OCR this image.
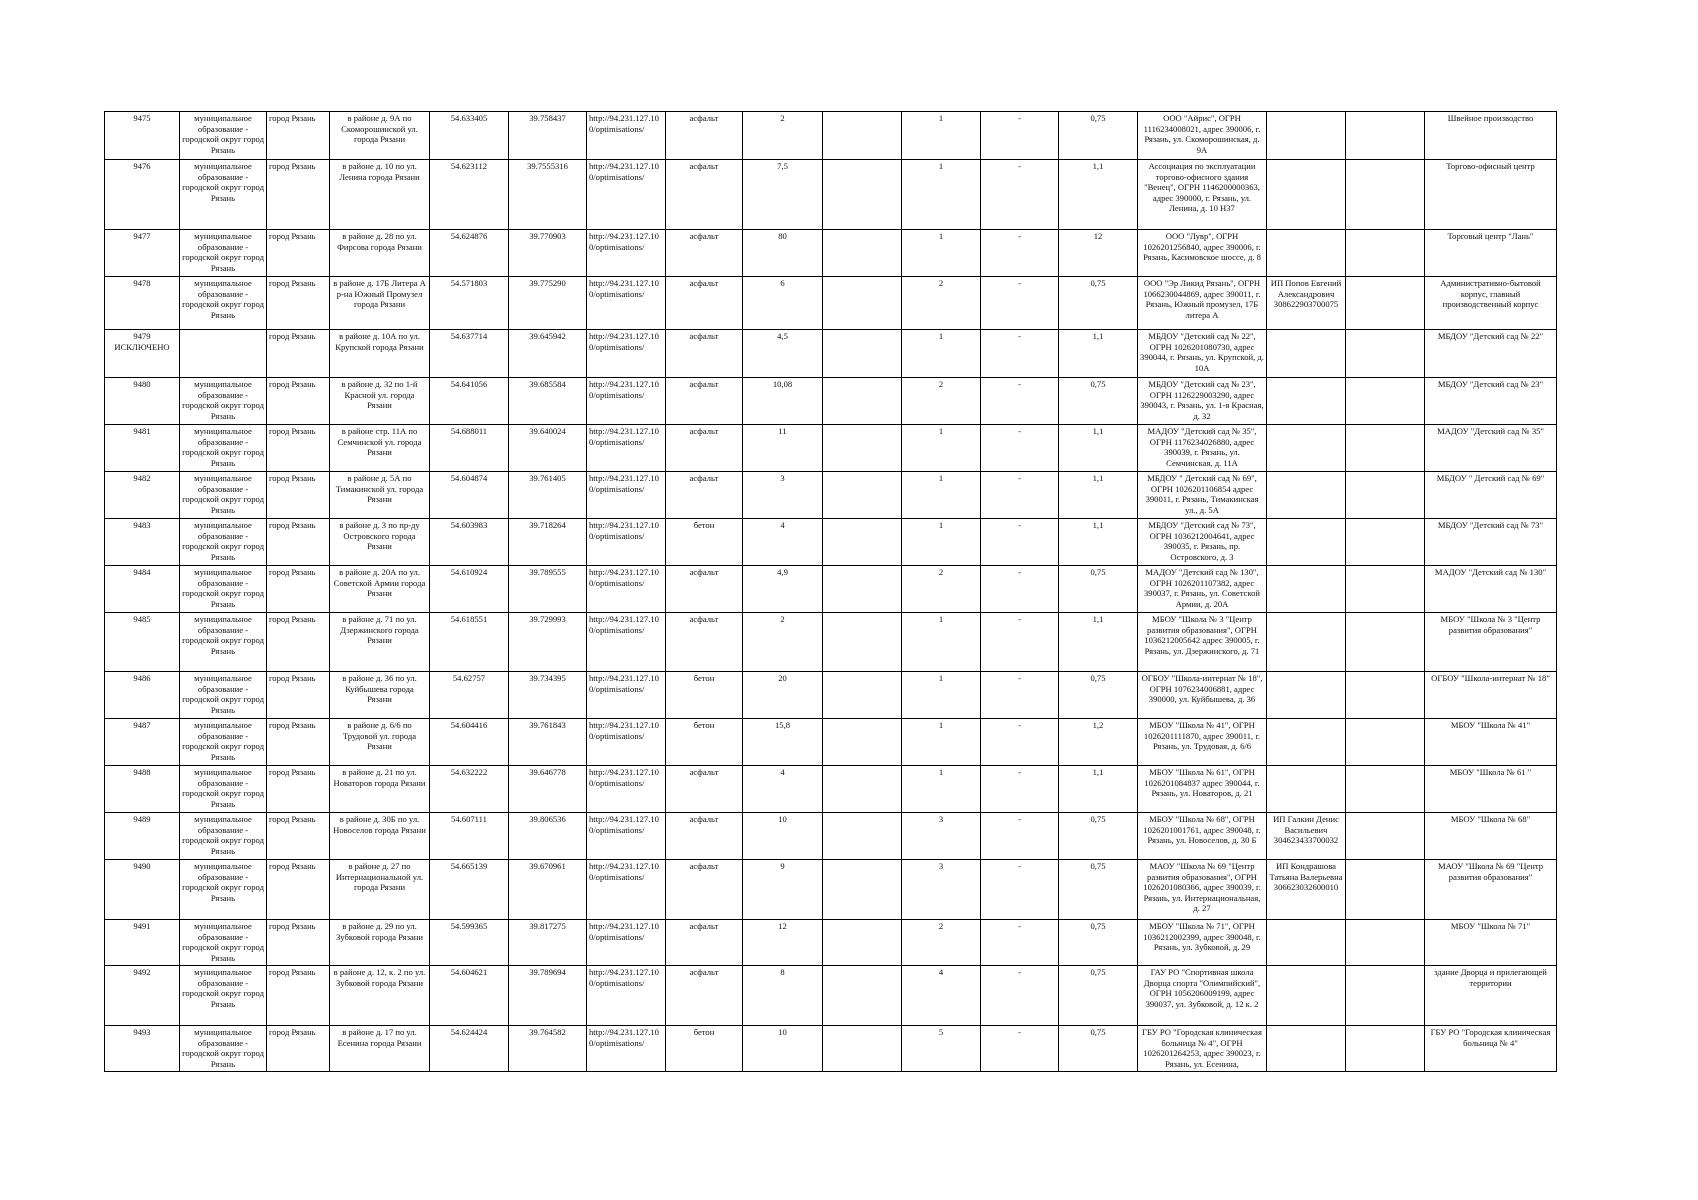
9475	муниципальное образование - городской округ город Рязань	город Рязань	в районе д. 9А по Скоморошинской ул. города Рязани	54.633405	39.758437	http://94.231.127.100/optimisations/	асфальт	2		1	-	0,75	ООО "Айрис", ОГРН 1116234008021, адрес 390006, г. Рязань, ул. Скоморошинская, д. 9А			Швейное производство
9476	муниципальное образование - городской округ город Рязань	город Рязань	в районе д. 10 по ул. Ленина города Рязани	54.623112	39.7555316	http://94.231.127.100/optimisations/	асфальт	7,5		1	-	1,1	Ассоциация по эксплуатации торгово-офисного здания "Венец", ОГРН 1146200000363, адрес 390000, г. Рязань, ул. Ленина, д. 10 Н37			Торгово-офисный центр
9477	муниципальное образование - городской округ город Рязань	город Рязань	в районе д. 28 по ул. Фирсова города Рязани	54.624876	39.770903	http://94.231.127.100/optimisations/	асфальт	80		1	-	12	ООО "Лувр", ОГРН 1026201256840, адрес 390006, г. Рязань, Касимовское шоссе, д. 8			Торговый центр "Лань"
9478	муниципальное образование - городской округ город Рязань	город Рязань	в районе д. 17Б Литера А р-на Южный Промузел города Рязани	54.571803	39.775290	http://94.231.127.100/optimisations/	асфальт	6		2	-	0,75	ООО "Эр Ликид Рязань", ОГРН 1066230044869, адрес 390011, г. Рязань, Южный промузел, 17Б литера А	ИП Попов Евгений Александрович 308622903700075		Административно-бытовой корпус, главный производственный корпус
9479 ИСКЛЮЧЕНО		город Рязань	в районе д. 10А по ул. Крупской города Рязани	54.637714	39.645942	http://94.231.127.100/optimisations/	асфальт	4,5		1	-	1,1	МБДОУ "Детский сад № 22", ОГРН 1026201080730, адрес 390044, г. Рязань, ул. Крупской, д. 10А			МБДОУ "Детский сад № 22"
9480	муниципальное образование - городской округ город Рязань	город Рязань	в районе д. 32 по 1-й Красной ул. города Рязани	54.641056	39.685584	http://94.231.127.100/optimisations/	асфальт	10,08		2	-	0,75	МБДОУ "Детский сад № 23", ОГРН 1126229003290, адрес 390043, г. Рязань, ул. 1-я Красная, д. 32			МБДОУ "Детский сад № 23"
9481	муниципальное образование - городской округ город Рязань	город Рязань	в районе стр. 11А по Семчинской ул. города Рязани	54.688011	39.640024	http://94.231.127.100/optimisations/	асфальт	11		1	-	1,1	МАДОУ "Детский сад № 35", ОГРН 1176234026880, адрес 390039, г. Рязань, ул. Семчинская, д. 11А			МАДОУ "Детский сад № 35"
9482	муниципальное образование - городской округ город Рязань	город Рязань	в районе д. 5А по Тимакинской ул. города Рязани	54.604874	39.761405	http://94.231.127.100/optimisations/	асфальт	3		1	-	1,1	МБДОУ " Детский сад № 69", ОГРН 1026201106854 адрес 390011, г. Рязань, Тимакинская ул., д. 5А			МБДОУ " Детский сад № 69"
9483	муниципальное образование - городской округ город Рязань	город Рязань	в районе д. 3 по пр-ду Островского города Рязани	54.603983	39.718264	http://94.231.127.100/optimisations/	бетон	4		1	-	1,1	МБДОУ "Детский сад № 73", ОГРН 1036212004641, адрес 390035, г. Рязань, пр. Островского, д. 3			МБДОУ "Детский сад № 73"
9484	муниципальное образование - городской округ город Рязань	город Рязань	в районе д. 20А по ул. Советской Армии города Рязани	54.610924	39.789555	http://94.231.127.100/optimisations/	асфальт	4,9		2	-	0,75	МАДОУ "Детский сад № 130", ОГРН 1026201107382, адрес 390037, г. Рязань, ул. Советской Армии, д. 20А			МАДОУ "Детский сад № 130"
9485	муниципальное образование - городской округ город Рязань	город Рязань	в районе д. 71 по ул. Дзержинского города Рязани	54.618551	39.729993	http://94.231.127.100/optimisations/	асфальт	2		1	-	1,1	МБОУ "Школа № 3 "Центр развития образования", ОГРН 1036212005642 адрес 390005, г. Рязань, ул. Дзержинского, д. 71			МБОУ "Школа № 3 "Центр развития образования"
9486	муниципальное образование - городской округ город Рязань	город Рязань	в районе д. 36 по ул. Куйбышева города Рязани	54.62757	39.734395	http://94.231.127.100/optimisations/	бетон	20		1	-	0,75	ОГБОУ "Школа-интернат № 18", ОГРН 1076234006881, адрес 390000, ул. Куйбышева, д. 36			ОГБОУ "Школа-интернат № 18"
9487	муниципальное образование - городской округ город Рязань	город Рязань	в районе д. 6/6 по Трудовой ул. города Рязани	54.604416	39.761843	http://94.231.127.100/optimisations/	бетон	15,8		1	-	1,2	МБОУ "Школа № 41", ОГРН 1026201111870, адрес 390011, г. Рязань, ул. Трудовая, д. 6/6			МБОУ "Школа № 41"
9488	муниципальное образование - городской округ город Рязань	город Рязань	в районе д. 21 по ул. Новаторов города Рязани	54.632222	39.646778	http://94.231.127.100/optimisations/	асфальт	4		1	-	1,1	МБОУ "Школа № 61", ОГРН 1026201084837 адрес 390044, г. Рязань, ул. Новаторов, д. 21			МБОУ "Школа № 61 "
9489	муниципальное образование - городской округ город Рязань	город Рязань	в районе д. 30Б по ул. Новоселов города Рязани	54.607111	39.806536	http://94.231.127.100/optimisations/	асфальт	10		3	-	0,75	МБОУ "Школа № 68", ОГРН 1026201001761, адрес 390048, г. Рязань, ул. Новоселов, д. 30 Б	ИП Галкин Денис Васильевич 304623433700032		МБОУ "Школа № 68"
9490	муниципальное образование - городской округ город Рязань	город Рязань	в районе д. 27 по Интернациональной ул. города Рязани	54.665139	39.670961	http://94.231.127.100/optimisations/	асфальт	9		3	-	0,75	МАОУ "Школа № 69 "Центр развития образования", ОГРН 1026201080366, адрес 390039, г. Рязань, ул. Интернациональная, д. 27	ИП Кондрашова Татьяна Валерьевна 306623032600010		МАОУ "Школа № 69 "Центр развития образования"
9491	муниципальное образование - городской округ город Рязань	город Рязань	в районе д. 29 по ул. Зубковой города Рязани	54.599365	39.817275	http://94.231.127.100/optimisations/	асфальт	12		2	-	0,75	МБОУ "Школа № 71", ОГРН 1036212002399, адрес 390048, г. Рязань, ул. Зубковой, д. 29			МБОУ "Школа № 71"
9492	муниципальное образование - городской округ город Рязань	город Рязань	в районе д. 12, к. 2 по ул. Зубковой города Рязани	54.604621	39.789694	http://94.231.127.100/optimisations/	асфальт	8		4	-	0,75	ГАУ РО "Спортивная школа Дворца спорта "Олимпийский", ОГРН 1056206009199, адрес 390037, ул. Зубковой, д. 12 к. 2			здание Дворца и прилегающей территории
9493	муниципальное образование - городской округ город Рязань	город Рязань	в районе д. 17 по ул. Есенина города Рязани	54.624424	39.764582	http://94.231.127.100/optimisations/	бетон	10		5	-	0,75	ГБУ РО "Городская клиническая больница № 4", ОГРН 1026201264253, адрес 390023, г. Рязань, ул. Есенина,			ГБУ РО "Городская клиническая больница № 4"
